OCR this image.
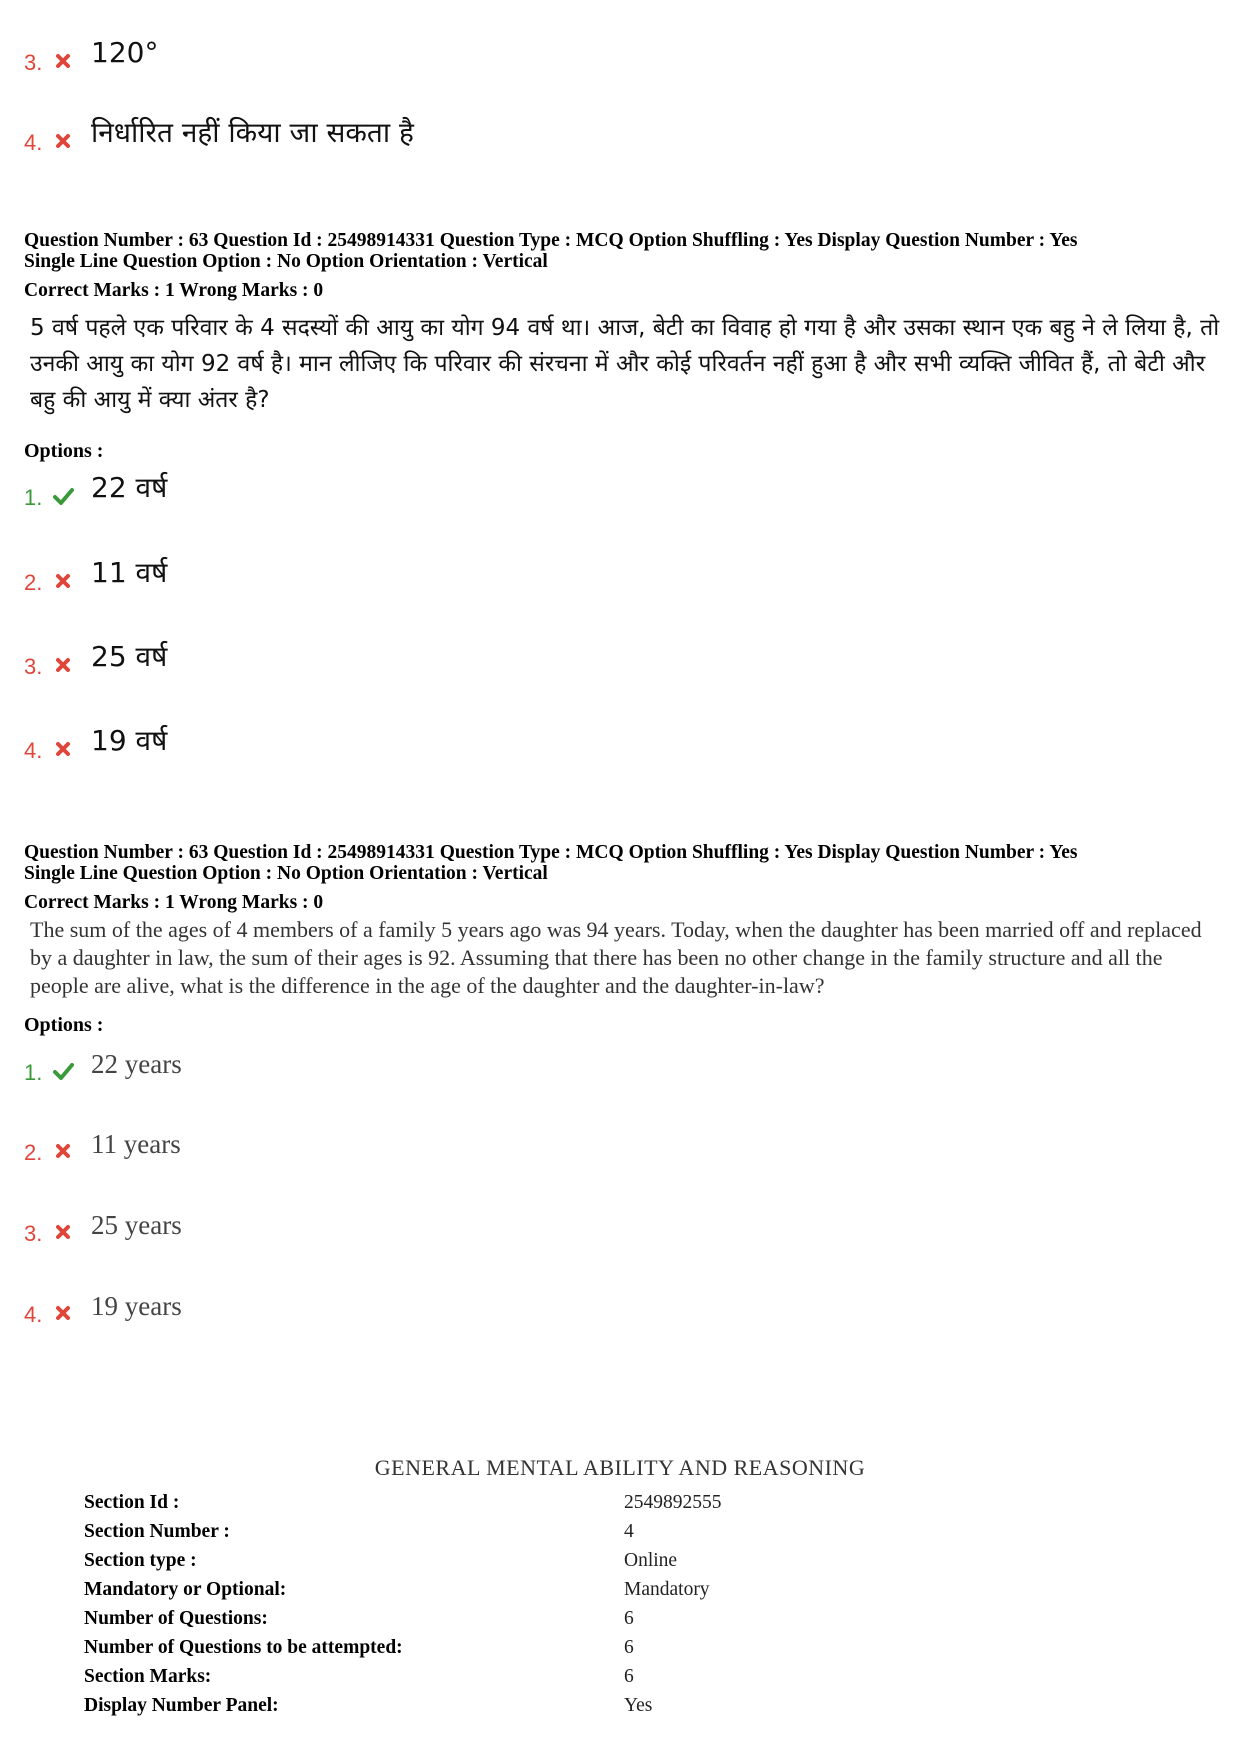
3. 120°
4. निर्धारित नहीं किया जा सकता है
Question Number : 63 Question Id : 25498914331 Question Type : MCQ Option Shuffling : Yes Display Question Number : Yes
Single Line Question Option : No Option Orientation : Vertical
Correct Marks : 1 Wrong Marks : 0
5 वर्ष पहले एक परिवार के 4 सदस्यों की आयु का योग 94 वर्ष था। आज, बेटी का विवाह हो गया है और उसका स्थान एक बहु ने ले लिया है, तो उनकी आयु का योग 92 वर्ष है। मान लीजिए कि परिवार की संरचना में और कोई परिवर्तन नहीं हुआ है और सभी व्यक्ति जीवित हैं, तो बेटी और बहु की आयु में क्या अंतर है?
Options :
1. 22 वर्ष
2. 11 वर्ष
3. 25 वर्ष
4. 19 वर्ष
Question Number : 63 Question Id : 25498914331 Question Type : MCQ Option Shuffling : Yes Display Question Number : Yes
Single Line Question Option : No Option Orientation : Vertical
Correct Marks : 1 Wrong Marks : 0
The sum of the ages of 4 members of a family 5 years ago was 94 years. Today, when the daughter has been married off and replaced by a daughter in law, the sum of their ages is 92. Assuming that there has been no other change in the family structure and all the people are alive, what is the difference in the age of the daughter and the daughter-in-law?
Options :
1. 22 years
2. 11 years
3. 25 years
4. 19 years
GENERAL MENTAL ABILITY AND REASONING
Section Id :	2549892555
Section Number :	4
Section type :	Online
Mandatory or Optional:	Mandatory
Number of Questions:	6
Number of Questions to be attempted:	6
Section Marks:	6
Display Number Panel:	Yes
